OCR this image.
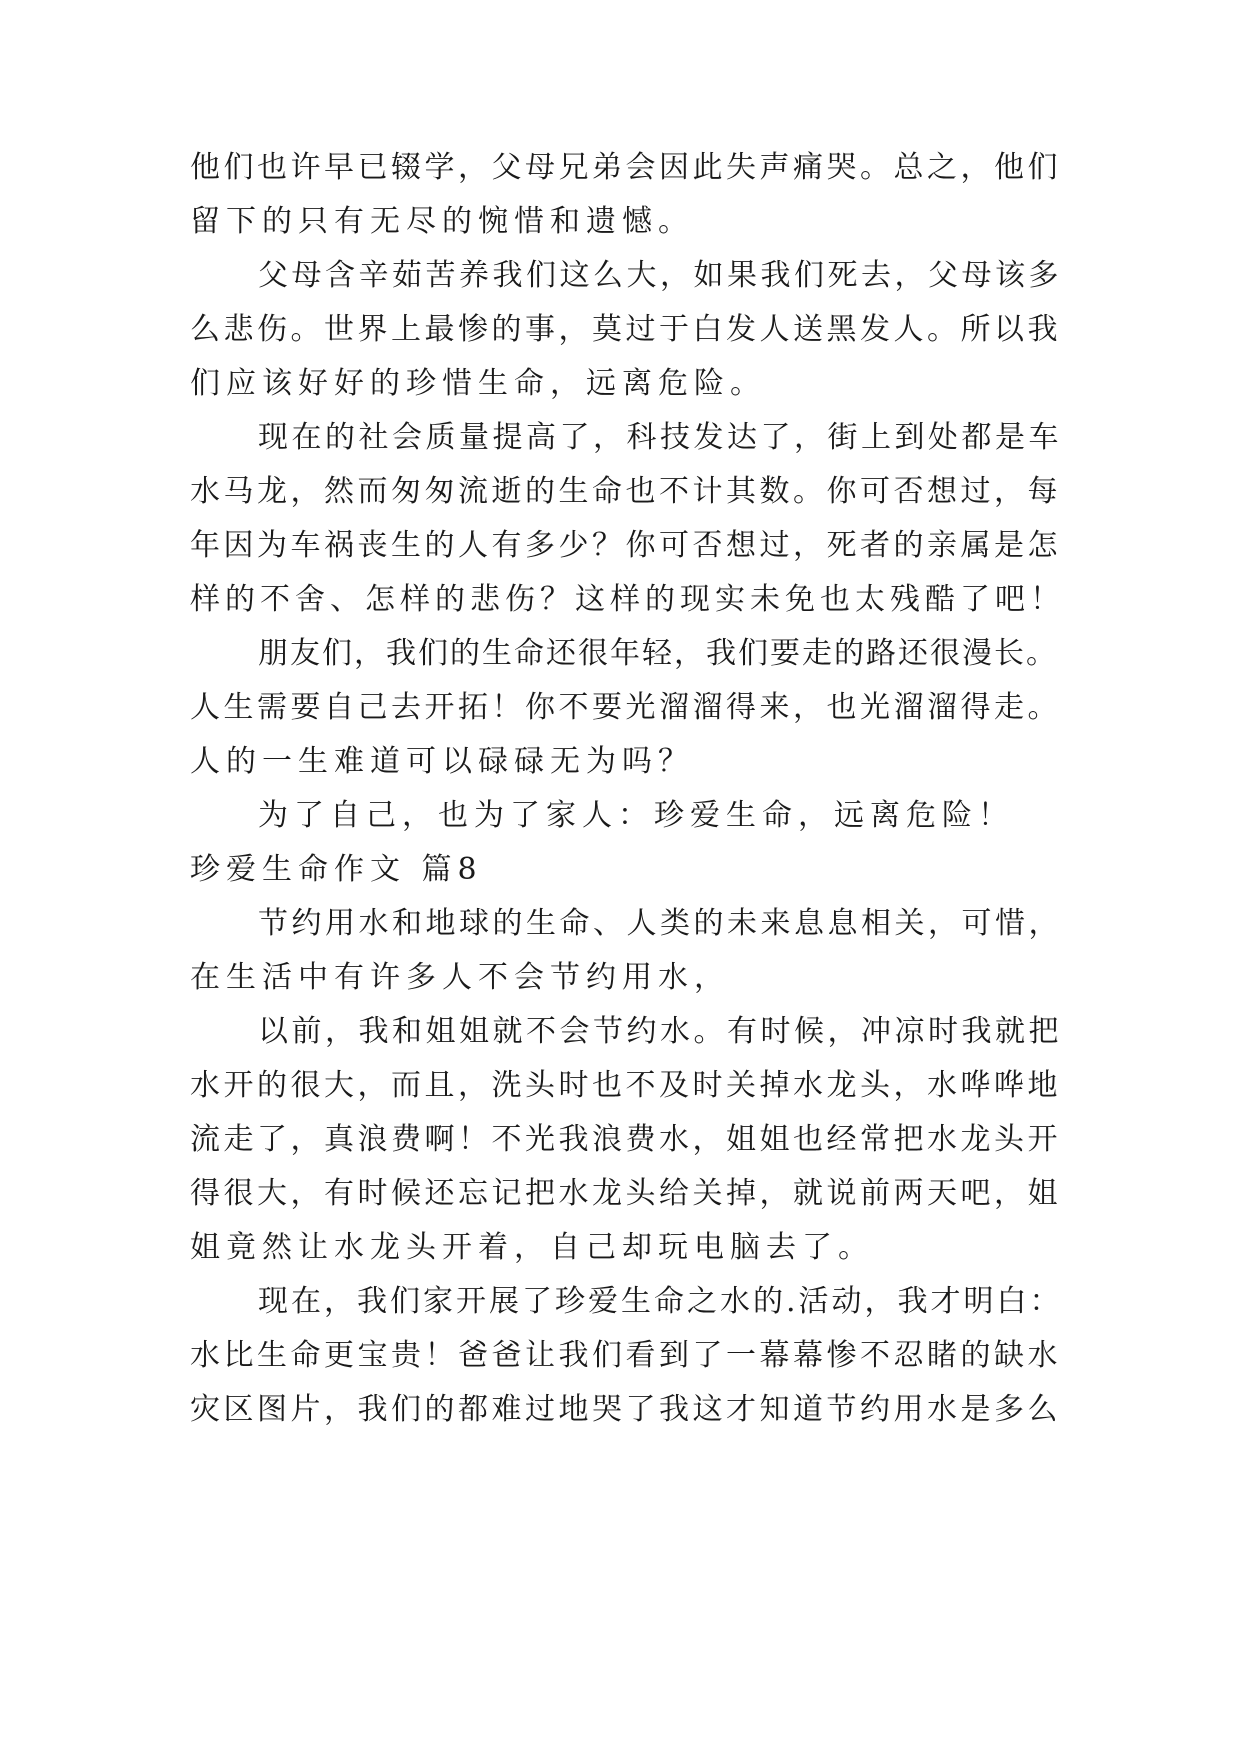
他们也许早已辍学，父母兄弟会因此失声痛哭。总之，他们
留下的只有无尽的惋惜和遗憾。
父母含辛茹苦养我们这么大，如果我们死去，父母该多
么悲伤。世界上最惨的事，莫过于白发人送黑发人。所以我
们应该好好的珍惜生命，远离危险。
现在的社会质量提高了，科技发达了，街上到处都是车
水马龙，然而匆匆流逝的生命也不计其数。你可否想过，每
年因为车祸丧生的人有多少？你可否想过，死者的亲属是怎
样的不舍、怎样的悲伤？这样的现实未免也太残酷了吧！
朋友们，我们的生命还很年轻，我们要走的路还很漫长。
人生需要自己去开拓！你不要光溜溜得来，也光溜溜得走。
人的一生难道可以碌碌无为吗？
为了自己，也为了家人：珍爱生命，远离危险！
珍爱生命作文 篇8
节约用水和地球的生命、人类的未来息息相关，可惜，
在生活中有许多人不会节约用水，
以前，我和姐姐就不会节约水。有时候，冲凉时我就把
水开的很大，而且，洗头时也不及时关掉水龙头，水哗哗地
流走了，真浪费啊！不光我浪费水，姐姐也经常把水龙头开
得很大，有时候还忘记把水龙头给关掉，就说前两天吧，姐
姐竟然让水龙头开着，自己却玩电脑去了。
现在，我们家开展了珍爱生命之水的.活动，我才明白：
水比生命更宝贵！爸爸让我们看到了一幕幕惨不忍睹的缺水
灾区图片，我们的都难过地哭了我这才知道节约用水是多么
